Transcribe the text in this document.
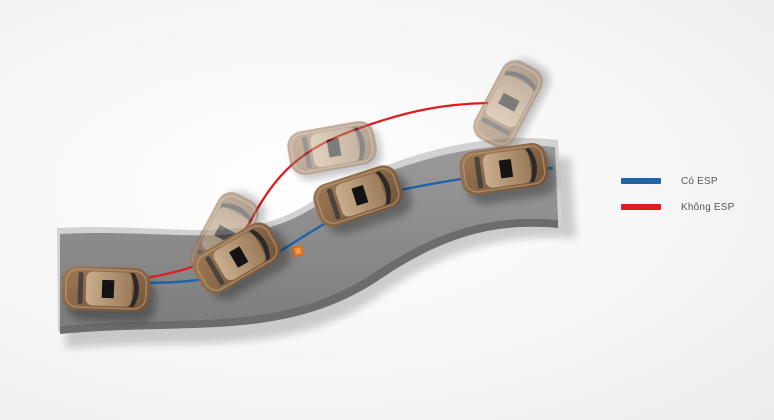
Có ESP
Không ESP
